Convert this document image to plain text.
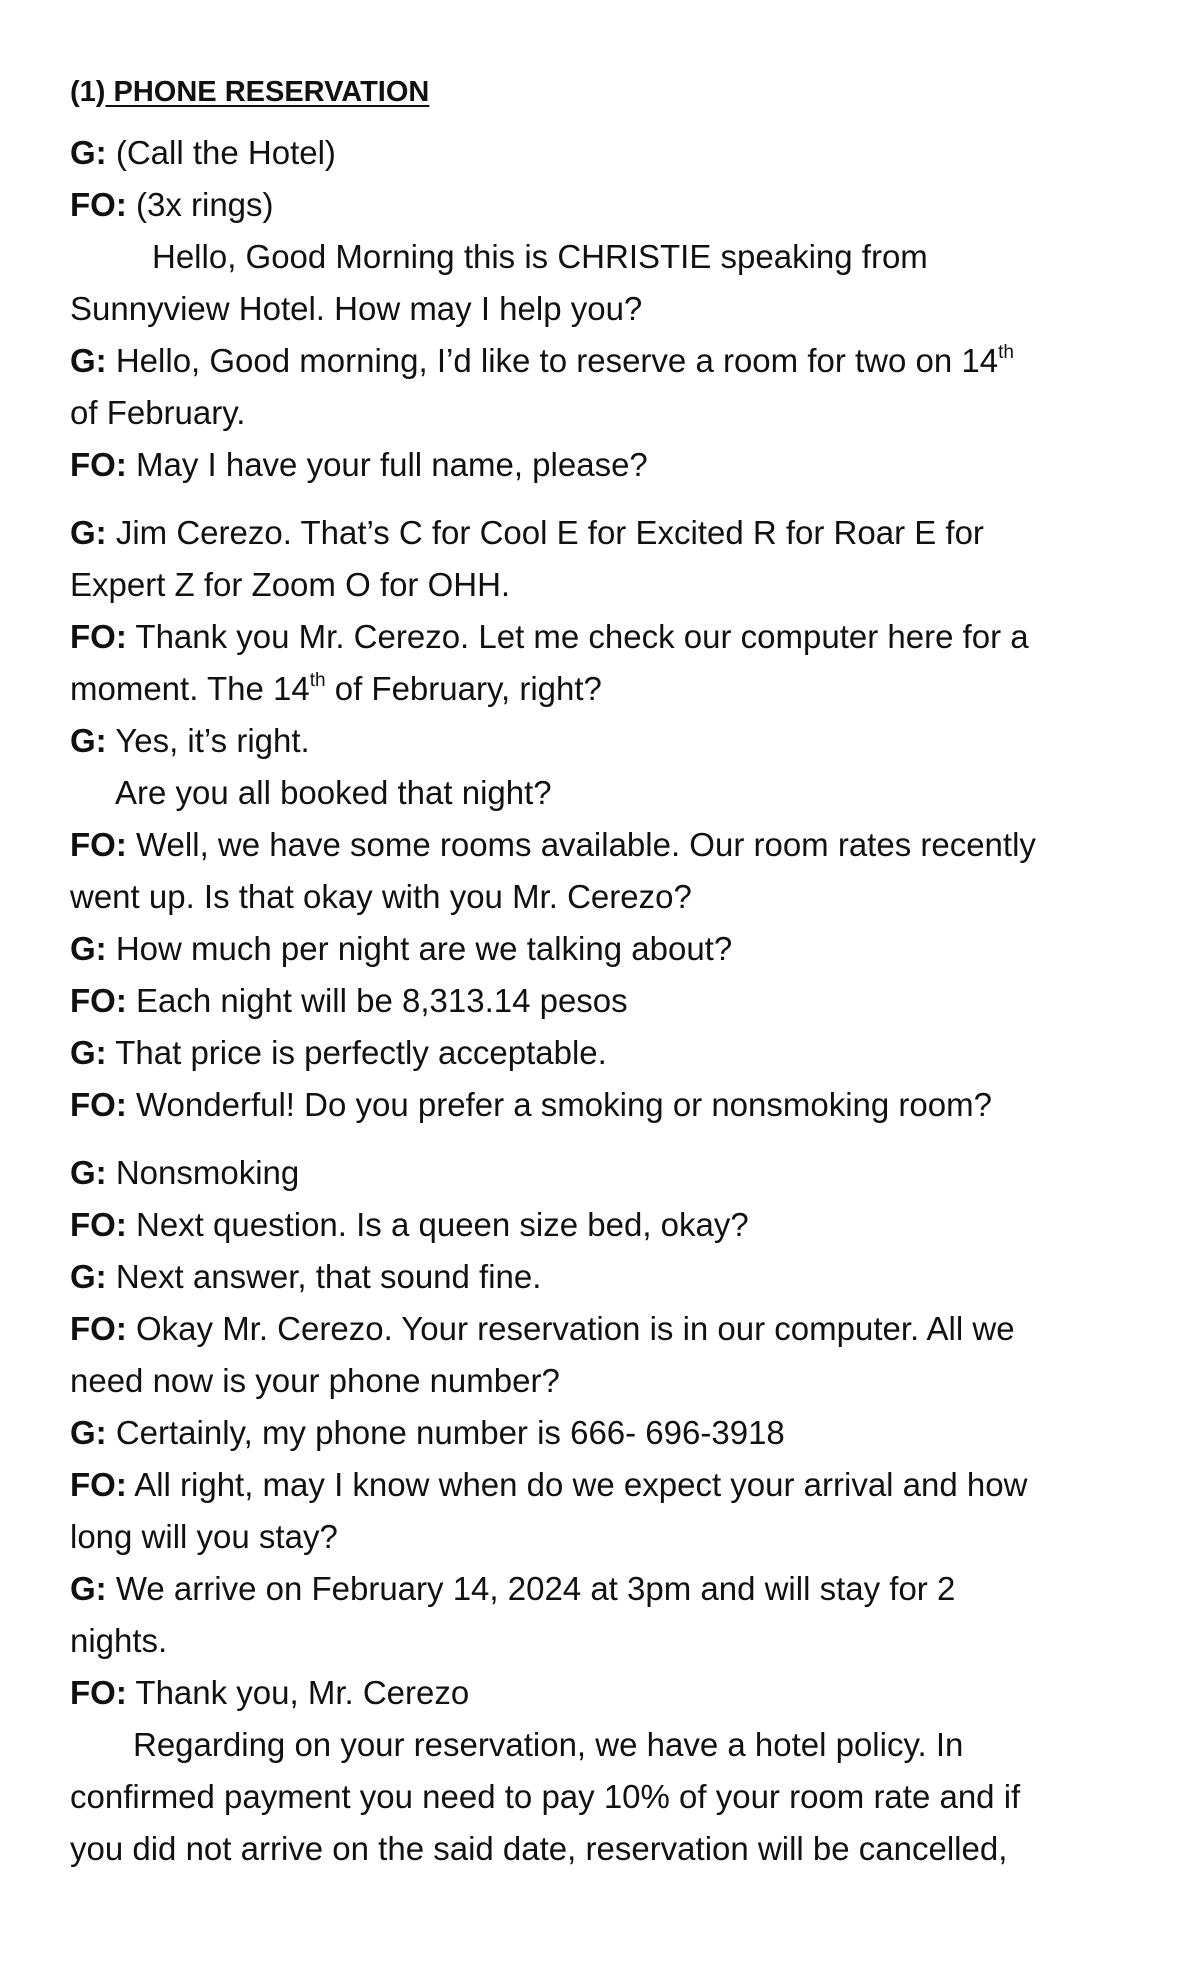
(1) PHONE RESERVATION
G: (Call the Hotel)
FO: (3x rings)
Hello, Good Morning this is CHRISTIE speaking from
Sunnyview Hotel. How may I help you?
G: Hello, Good morning, I’d like to reserve a room for two on 14th
of February.
FO: May I have your full name, please?
G: Jim Cerezo. That’s C for Cool E for Excited R for Roar E for
Expert Z for Zoom O for OHH.
FO: Thank you Mr. Cerezo. Let me check our computer here for a
moment. The 14th of February, right?
G: Yes, it’s right.
Are you all booked that night?
FO: Well, we have some rooms available. Our room rates recently
went up. Is that okay with you Mr. Cerezo?
G: How much per night are we talking about?
FO: Each night will be 8,313.14 pesos
G: That price is perfectly acceptable.
FO: Wonderful! Do you prefer a smoking or nonsmoking room?
G: Nonsmoking
FO: Next question. Is a queen size bed, okay?
G: Next answer, that sound fine.
FO: Okay Mr. Cerezo. Your reservation is in our computer. All we
need now is your phone number?
G: Certainly, my phone number is 666- 696-3918
FO: All right, may I know when do we expect your arrival and how
long will you stay?
G: We arrive on February 14, 2024 at 3pm and will stay for 2
nights.
FO: Thank you, Mr. Cerezo
Regarding on your reservation, we have a hotel policy. In
confirmed payment you need to pay 10% of your room rate and if
you did not arrive on the said date, reservation will be cancelled,
